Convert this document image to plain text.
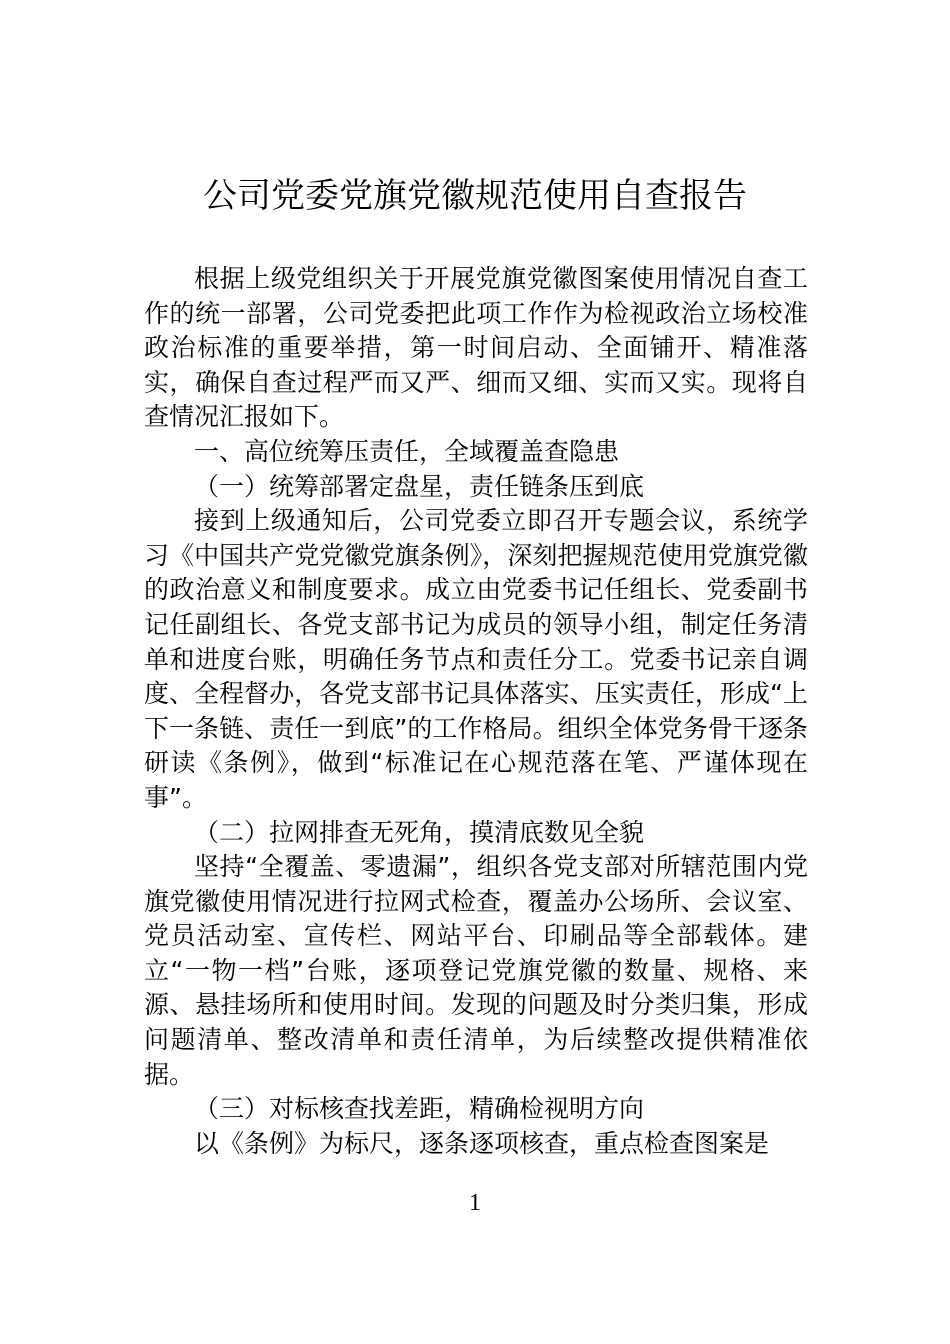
公司党委党旗党徽规范使用自查报告

根据上级党组织关于开展党旗党徽图案使用情况自查工作的统一部署，公司党委把此项工作作为检视政治立场校准政治标准的重要举措，第一时间启动、全面铺开、精准落实，确保自查过程严而又严、细而又细、实而又实。现将自查情况汇报如下。

一、高位统筹压责任，全域覆盖查隐患

（一）统筹部署定盘星，责任链条压到底

接到上级通知后，公司党委立即召开专题会议，系统学习《中国共产党党徽党旗条例》，深刻把握规范使用党旗党徽的政治意义和制度要求。成立由党委书记任组长、党委副书记任副组长、各党支部书记为成员的领导小组，制定任务清单和进度台账，明确任务节点和责任分工。党委书记亲自调度、全程督办，各党支部书记具体落实、压实责任，形成“上下一条链、责任一到底”的工作格局。组织全体党务骨干逐条研读《条例》，做到“标准记在心规范落在笔、严谨体现在事”。

（二）拉网排查无死角，摸清底数见全貌

坚持“全覆盖、零遗漏”，组织各党支部对所辖范围内党旗党徽使用情况进行拉网式检查，覆盖办公场所、会议室、党员活动室、宣传栏、网站平台、印刷品等全部载体。建立“一物一档”台账，逐项登记党旗党徽的数量、规格、来源、悬挂场所和使用时间。发现的问题及时分类归集，形成问题清单、整改清单和责任清单，为后续整改提供精准依据。

（三）对标核查找差距，精确检视明方向

以《条例》为标尺，逐条逐项核查，重点检查图案是

1
